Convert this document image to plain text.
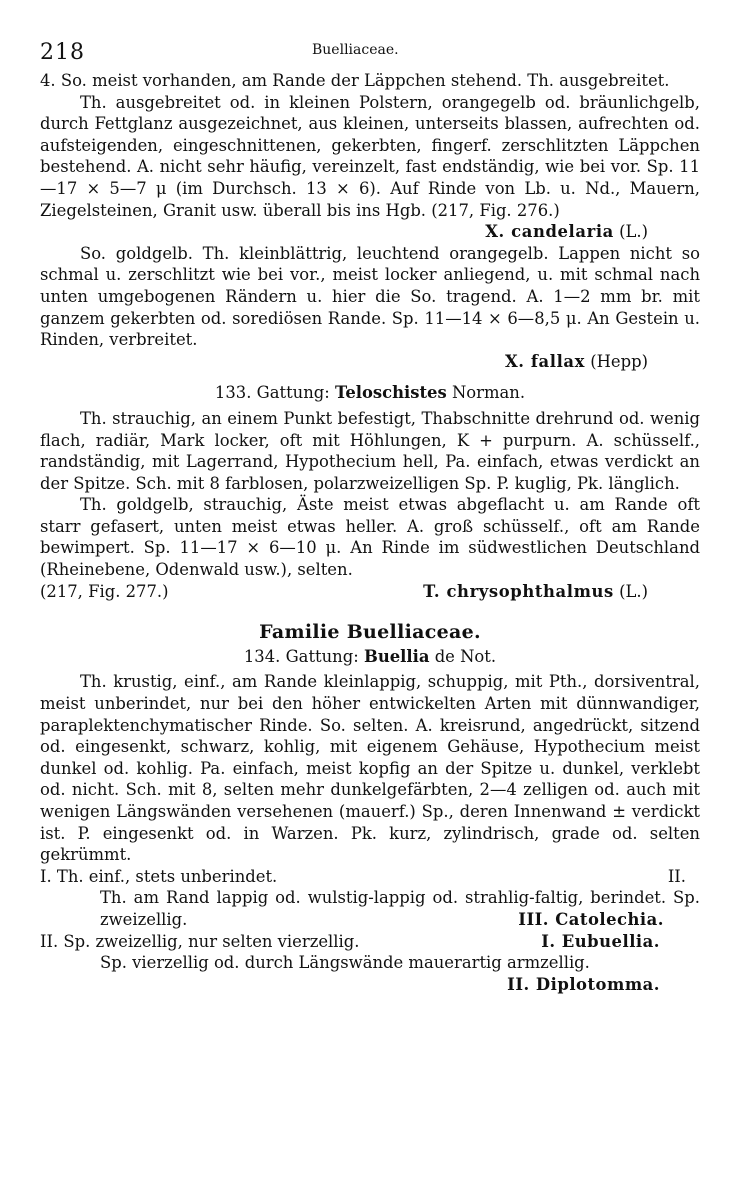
218	Buelliaceae.

4. So. meist vorhanden, am Rande der Läppchen stehend. Th. ausgebreitet.

Th. ausgebreitet od. in kleinen Polstern, orangegelb od. bräunlichgelb, durch Fettglanz ausgezeichnet, aus kleinen, unterseits blassen, aufrechten od. aufsteigenden, eingeschnittenen, gekerbten, fingerf. zerschlitzten Läppchen bestehend. A. nicht sehr häufig, vereinzelt, fast endständig, wie bei vor. Sp. 11—17 × 5—7 μ (im Durchsch. 13 × 6). Auf Rinde von Lb. u. Nd., Mauern, Ziegelsteinen, Granit usw. überall bis ins Hgb. (217, Fig. 276.)

X. candelaria (L.)

So. goldgelb. Th. kleinblättrig, leuchtend orangegelb. Lappen nicht so schmal u. zerschlitzt wie bei vor., meist locker anliegend, u. mit schmal nach unten umgebogenen Rändern u. hier die So. tragend. A. 1—2 mm br. mit ganzem gekerbten od. sorediösen Rande. Sp. 11—14 × 6—8,5 μ. An Gestein u. Rinden, verbreitet.

X. fallax (Hepp)

133. Gattung: Teloschistes Norman.

Th. strauchig, an einem Punkt befestigt, Thabschnitte drehrund od. wenig flach, radiär, Mark locker, oft mit Höhlungen, K + purpurn. A. schüsself., randständig, mit Lagerrand, Hypothecium hell, Pa. einfach, etwas verdickt an der Spitze. Sch. mit 8 farblosen, polarzweizelligen Sp. P. kuglig, Pk. länglich.

Th. goldgelb, strauchig, Äste meist etwas abgeflacht u. am Rande oft starr gefasert, unten meist etwas heller. A. groß schüsself., oft am Rande bewimpert. Sp. 11—17 × 6—10 μ. An Rinde im südwestlichen Deutschland (Rheinebene, Odenwald usw.), selten.

(217, Fig. 277.)	T. chrysophthalmus (L.)

Familie Buelliaceae.

134. Gattung: Buellia de Not.

Th. krustig, einf., am Rande kleinlappig, schuppig, mit Pth., dorsiventral, meist unberindet, nur bei den höher entwickelten Arten mit dünnwandiger, paraplektenchymatischer Rinde. So. selten. A. kreisrund, angedrückt, sitzend od. eingesenkt, schwarz, kohlig, mit eigenem Gehäuse, Hypothecium meist dunkel od. kohlig. Pa. einfach, meist kopfig an der Spitze u. dunkel, verklebt od. nicht. Sch. mit 8, selten mehr dunkelgefärbten, 2—4 zelligen od. auch mit wenigen Längswänden versehenen (mauerf.) Sp., deren Innenwand ± verdickt ist. P. eingesenkt od. in Warzen. Pk. kurz, zylindrisch, grade od. selten gekrümmt.

I. Th. einf., stets unberindet.	II.

Th. am Rand lappig od. wulstig-lappig od. strahlig-faltig, berindet. Sp. zweizellig.	III. Catolechia.

II. Sp. zweizellig, nur selten vierzellig.	I. Eubuellia.

Sp. vierzellig od. durch Längswände mauerartig armzellig.

II. Diplotomma.
